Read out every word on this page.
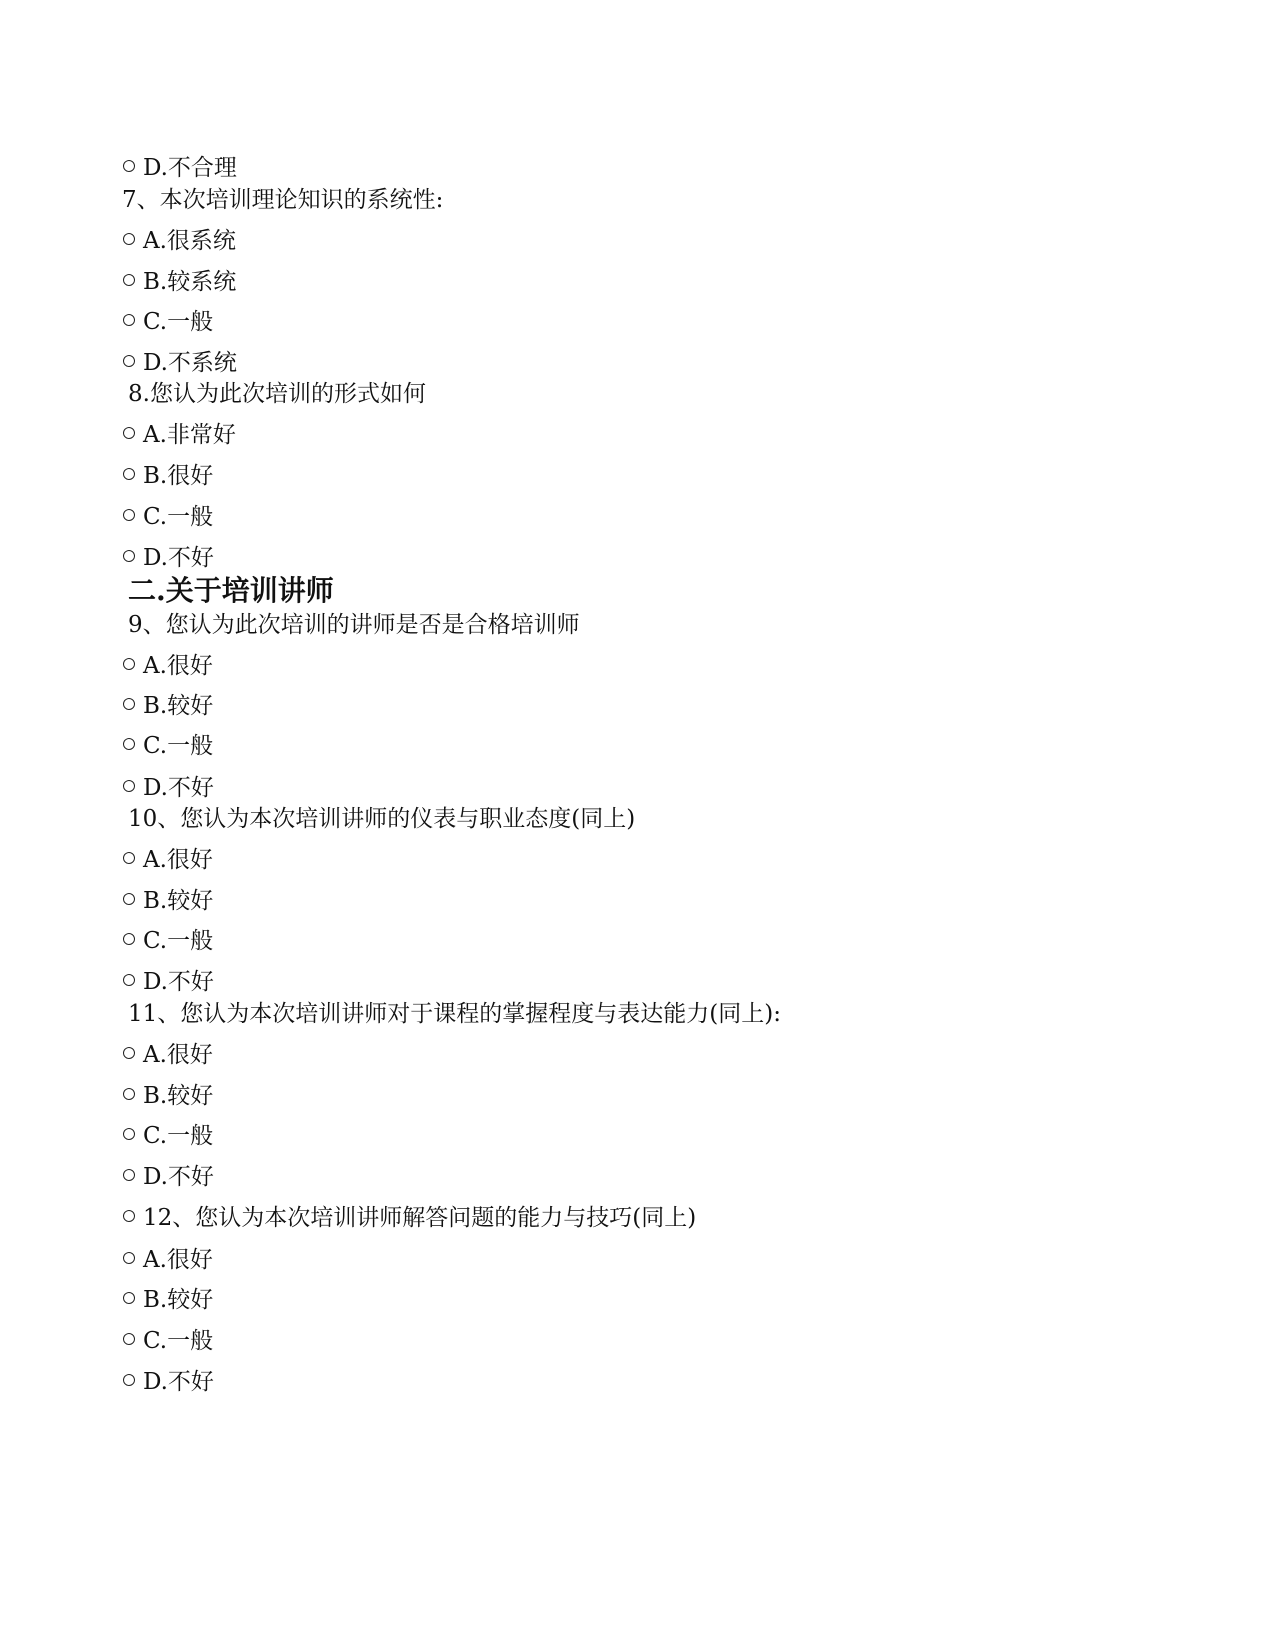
D.不合理
7、本次培训理论知识的系统性:
A.很系统
B.较系统
C.一般
D.不系统
8.您认为此次培训的形式如何
A.非常好
B.很好
C.一般
D.不好
二.关于培训讲师
9、您认为此次培训的讲师是否是合格培训师
A.很好
B.较好
C.一般
D.不好
10、您认为本次培训讲师的仪表与职业态度(同上)
A.很好
B.较好
C.一般
D.不好
11、您认为本次培训讲师对于课程的掌握程度与表达能力(同上):
A.很好
B.较好
C.一般
D.不好
12、您认为本次培训讲师解答问题的能力与技巧(同上)
A.很好
B.较好
C.一般
D.不好
